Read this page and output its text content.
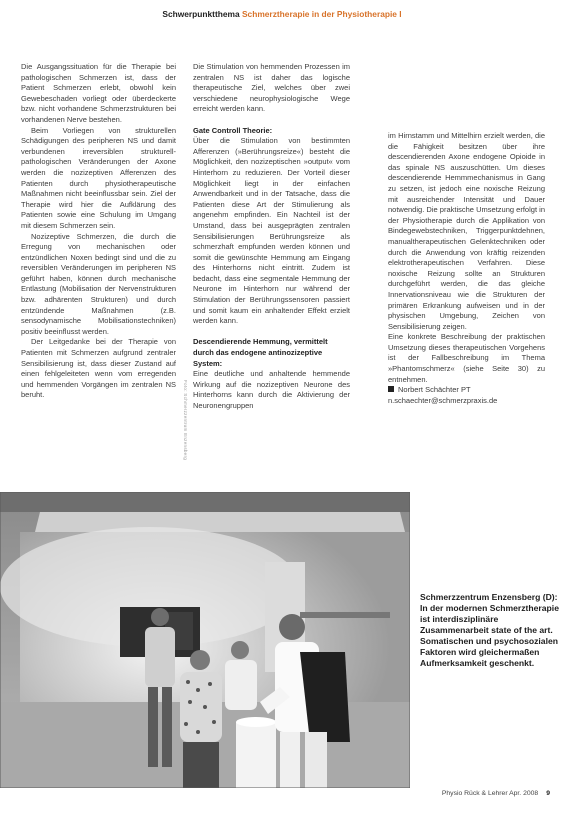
Schwerpunktthema Schmerztherapie in der Physiotherapie I

Die Ausgangssituation für die Therapie bei pathologischen Schmerzen ist, dass der Patient Schmerzen erlebt, obwohl kein Gewebeschaden vorliegt oder überdeckerte bzw. nicht vorhandene Schmerzstrukturen bei vorhandenen Nerve bestehen.

Beim Vorliegen von strukturellen Schädigungen des peripheren NS und damit verbundenen irreversiblen strukturell-pathologischen Veränderungen der Axone werden die nozizeptiven Afferenzen des Patienten durch physiotherapeutische Maßnahmen nicht beeinflussbar sein. Ziel der Therapie wird hier die Aufklärung des Patienten sowie eine Schulung im Umgang mit diesem Schmerzen sein.

Nozizeptive Schmerzen, die durch die Erregung von mechanischen oder entzündlichen Noxen bedingt sind und die zu reversiblen Veränderungen im peripheren NS geführt haben, können durch mechanische Entlastung (Mobilisation der Nervenstrukturen bzw. adhärenten Strukturen) und durch entzündende Maßnahmen (z.B. sensodynamische Mobilisationstechniken) positiv beeinflusst werden.

Der Leitgedanke bei der Therapie von Patienten mit Schmerzen aufgrund zentraler Sensibilisierung ist, dass dieser Zustand auf einen fehlgeleiteten wenn vom erregenden und hemmenden Vorgängen im zentralen NS beruht.

Die Stimulation von hemmenden Prozessen im zentralen NS ist daher das logische therapeutische Ziel, welches über zwei verschiedene neurophysiologische Wege erreicht werden kann.

Gate Controll Theorie:

Über die Stimulation von bestimmten Afferenzen (»Berührungsreize«) besteht die Möglichkeit, den nozizeptischen »output« vom Hinterhorn zu reduzieren. Der Vorteil dieser Möglichkeit liegt in der einfachen Anwendbarkeit und in der Tatsache, dass die Patienten diese Art der Stimulierung als angenehm empfinden. Ein Nachteil ist der Umstand, dass bei ausgeprägten zentralen Sensibilisierungen Berührungsreize als schmerzhaft empfunden werden können und somit die gewünschte Hemmung am Eingang des Hinterhorns nicht eintritt. Zudem ist bedacht, dass eine segmentale Hemmung der Neurone im Hinterhorn nur während der Stimulation der Berührungssensoren passiert und somit kaum ein anhaltender Effekt erzielt werden kann.

Descendierende Hemmung, vermittelt durch das endogene antinozizeptive System:

Eine deutliche und anhaltende hemmende Wirkung auf die nozizeptiven Neurone des Hinterhorns kann durch die Aktivierung der Neuronengruppen

im Hirnstamm und Mittelhirn erzielt werden, die die Fähigkeit besitzen über ihre descendierenden Axone endogene Opioide in das spinale NS auszuschütten. Um dieses descendierende Hemmmechanismus in Gang zu setzen, ist jedoch eine noxische Reizung mit ausreichender Intensität und Dauer notwendig. Die praktische Umsetzung erfolgt in der Physiotherapie durch die Applikation von Bindegewebstechniken, Triggerpunktdehnen, manualtherapeutischen Gelenktechniken oder durch die Anwendung von kräftig reizenden elektrotherapeutischen Verfahren. Diese noxische Reizung sollte an Strukturen durchgeführt werden, die das gleiche Innervationsniveau wie die Strukturen der primären Erkrankung aufweisen und in der physischen Umgebung, Zeichen von Sensibilisierung zeigen.

Eine konkrete Beschreibung der praktischen Umsetzung dieses therapeutischen Vorgehens ist der Fallbeschreibung im Thema »Phantomschmerz« (siehe Seite 30) zu entnehmen.

Norbert Schächter PT

n.schaechter@schmerzpraxis.de

Foto: Schmerzzentrum Enzensberg
Schmerzzentrum Enzensberg (D): In der modernen Schmerztherapie ist interdisziplinäre Zusammenarbeit state of the art. Somatischen und psychosozialen Faktoren wird gleichermaßen Aufmerksamkeit geschenkt.
Physio Rück & Lehrer Apr. 2008 9
